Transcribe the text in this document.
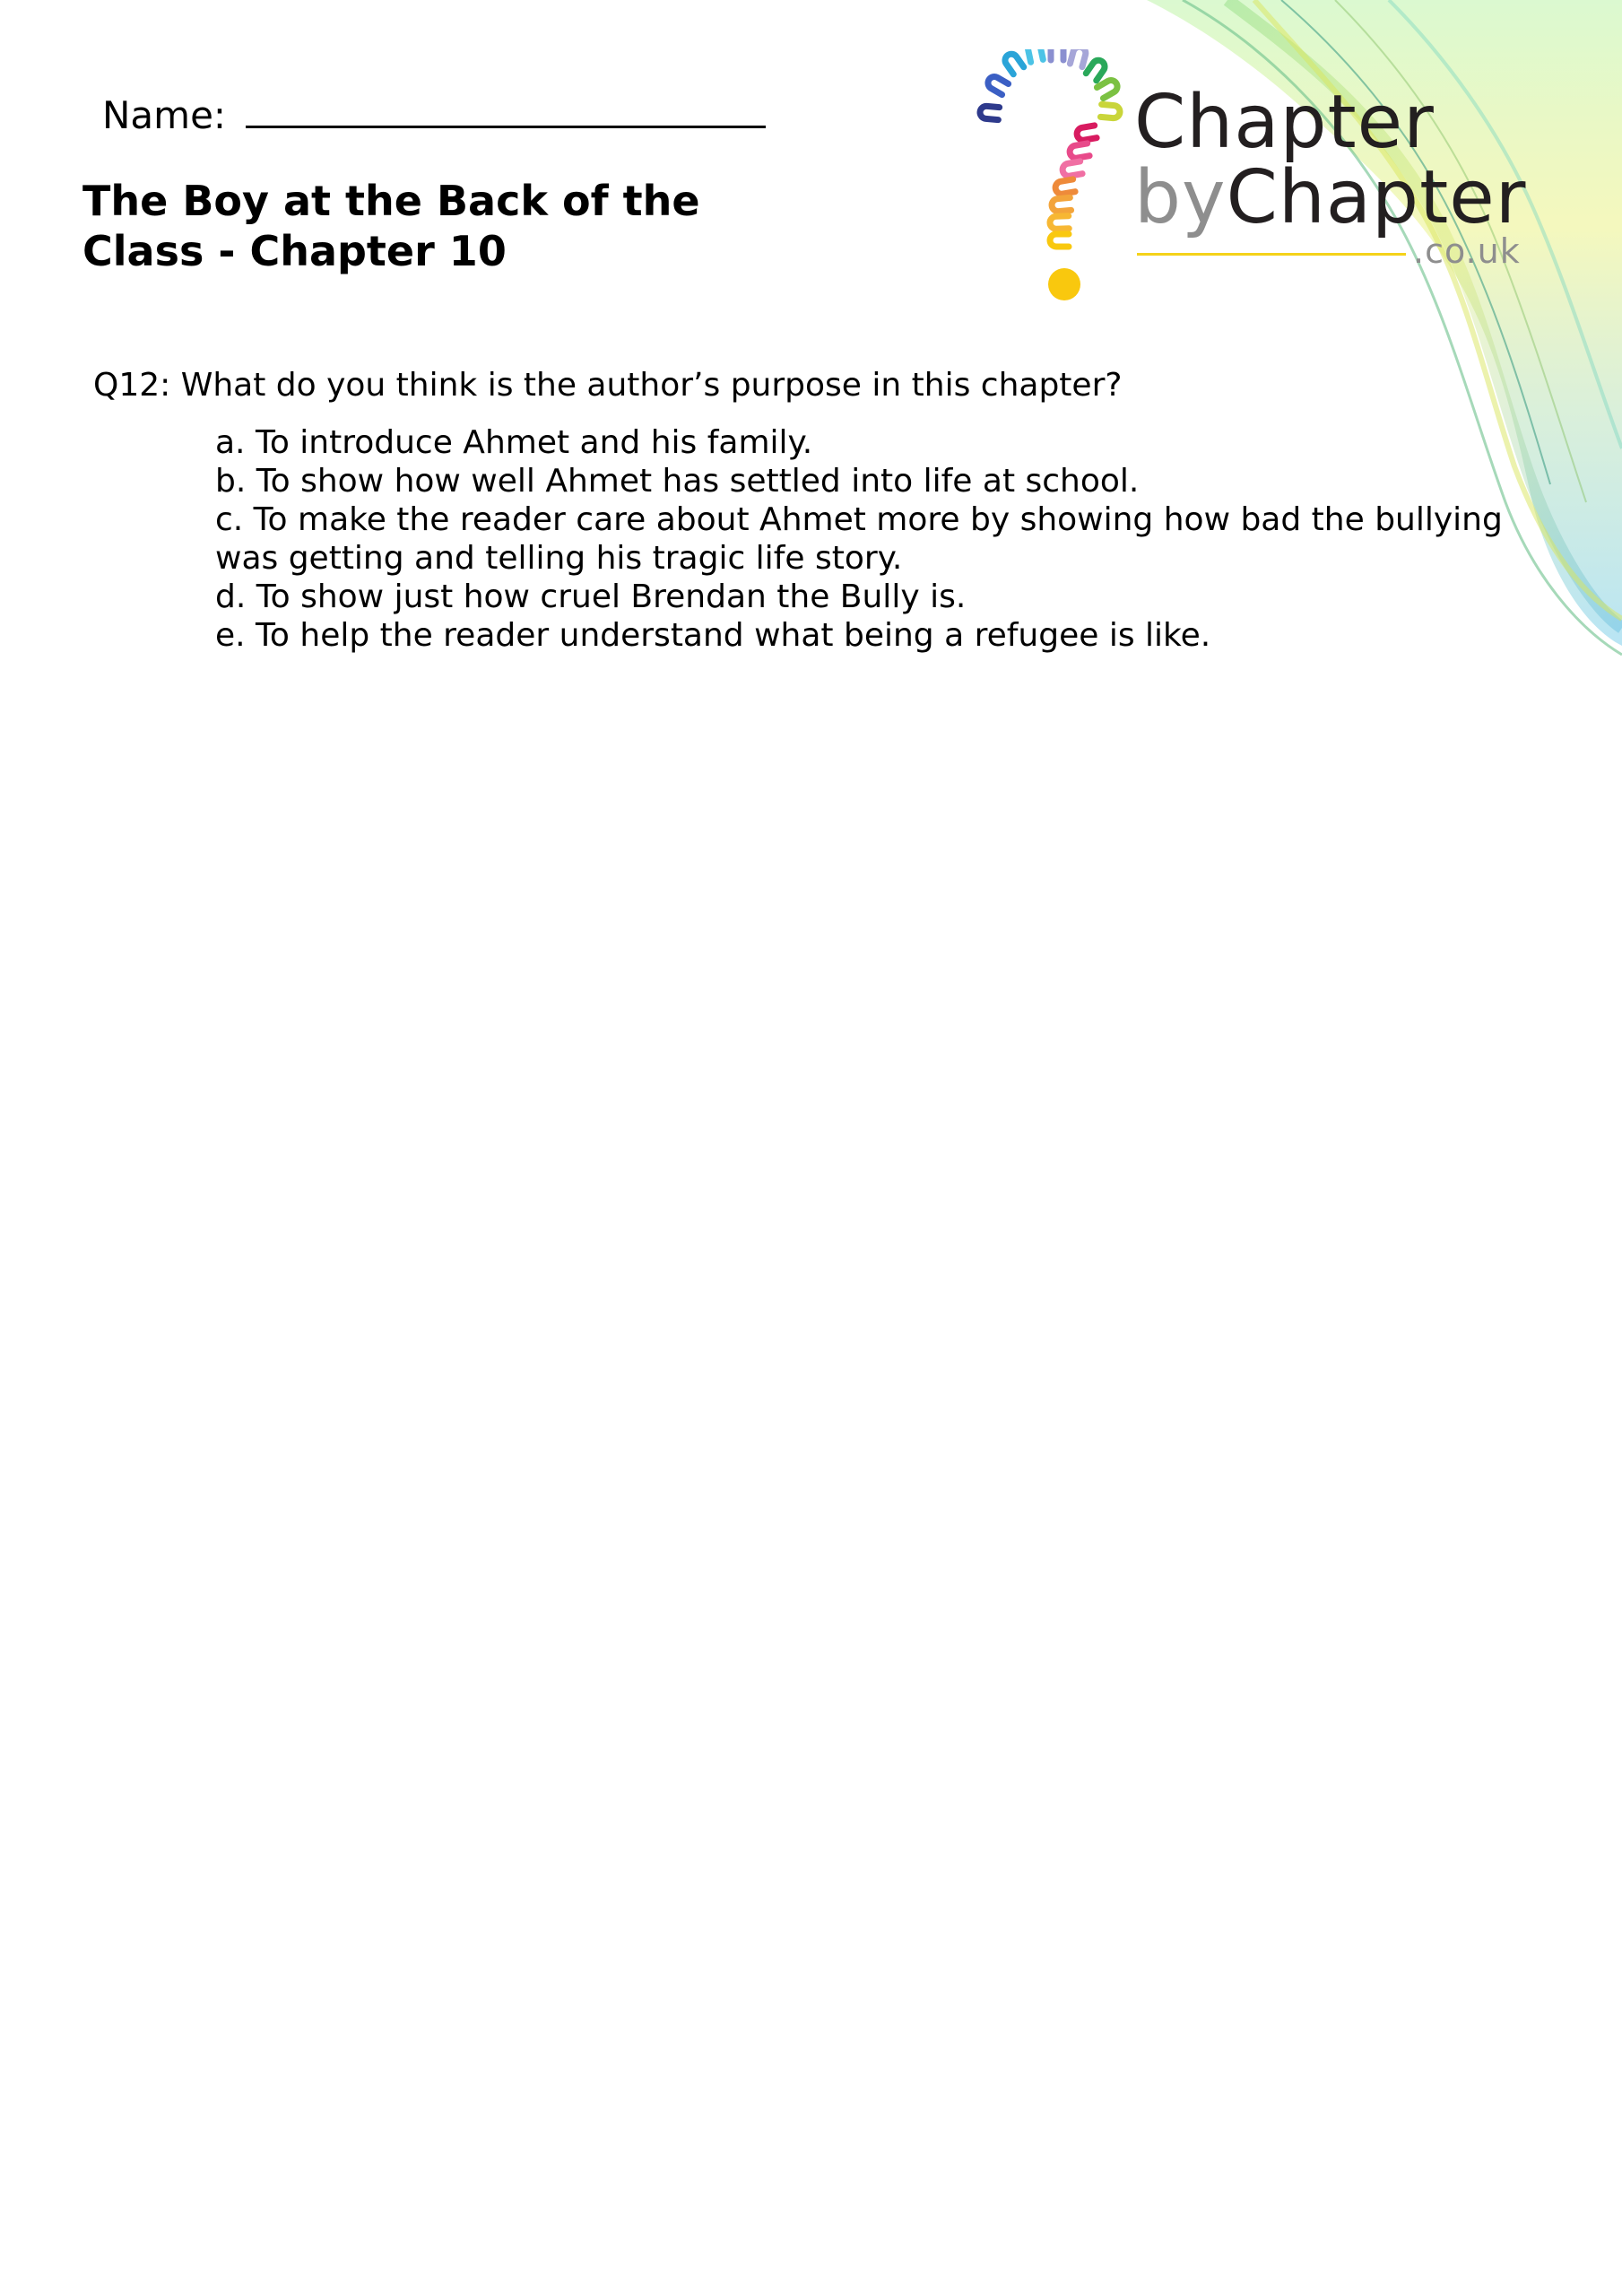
Name:
The Boy at the Back of the
Class - Chapter 10
Chapter
byChapter
.co.uk
Q12: What do you think is the author’s purpose in this chapter?

a. To introduce Ahmet and his family.

b. To show how well Ahmet has settled into life at school.

c. To make the reader care about Ahmet more by showing how bad the bullying was getting and telling his tragic life story.

d. To show just how cruel Brendan the Bully is.

e. To help the reader understand what being a refugee is like.
